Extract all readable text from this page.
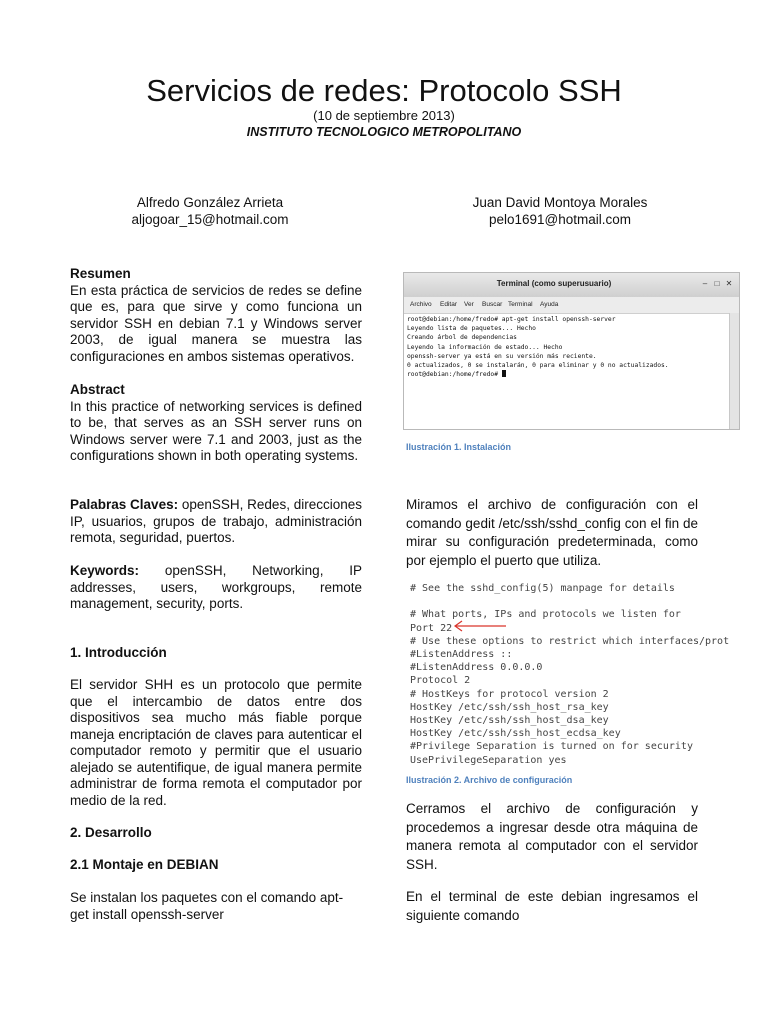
Servicios de redes: Protocolo SSH
(10 de septiembre 2013)
INSTITUTO TECNOLOGICO METROPOLITANO
Alfredo González Arrieta
aljogoar_15@hotmail.com
Juan David Montoya Morales
pelo1691@hotmail.com

Resumen

En esta práctica de servicios de redes se define que es, para que sirve y como funciona un servidor SSH en debian 7.1 y Windows server 2003, de igual manera se muestra las configuraciones en ambos sistemas operativos.

Abstract

In this practice of networking services is defined to be, that serves as an SSH server runs on Windows server were 7.1 and 2003, just as the configurations shown in both operating systems.

Palabras Claves: openSSH, Redes, direcciones IP, usuarios, grupos de trabajo, administración remota, seguridad, puertos.
Keywords: openSSH, Networking, IP addresses, users, workgroups, remote management, security, ports.
1. Introducción
El servidor SHH es un protocolo que permite que el intercambio de datos entre dos dispositivos sea mucho más fiable porque maneja encriptación de claves para autenticar el computador remoto y permitir que el usuario alejado se autentifique, de igual manera permite administrar de forma remota el computador por medio de la red.
2. Desarrollo
2.1 Montaje en DEBIAN
Se instalan los paquetes con el comando apt-get install openssh-server
Terminal (como superusuario)	– □ ✕
Archivo Editar Ver Buscar Terminal Ayuda
root@debian:/home/fredo# apt-get install openssh-server
Leyendo lista de paquetes... Hecho
Creando árbol de dependencias
Leyendo la información de estado... Hecho
openssh-server ya está en su versión más reciente.
0 actualizados, 0 se instalarán, 0 para eliminar y 0 no actualizados.
root@debian:/home/fredo#
Ilustración 1. Instalación
Miramos el archivo de configuración con el comando gedit /etc/ssh/sshd_config con el fin de mirar su configuración predeterminada, como por ejemplo el puerto que utiliza.
# See the sshd_config(5) manpage for details

# What ports, IPs and protocols we listen for
Port 22
# Use these options to restrict which interfaces/prot
#ListenAddress ::
#ListenAddress 0.0.0.0
Protocol 2
# HostKeys for protocol version 2
HostKey /etc/ssh/ssh_host_rsa_key
HostKey /etc/ssh/ssh_host_dsa_key
HostKey /etc/ssh/ssh_host_ecdsa_key
#Privilege Separation is turned on for security
UsePrivilegeSeparation yes
Ilustración 2. Archivo de configuración
Cerramos el archivo de configuración y procedemos a ingresar desde otra máquina de manera remota al computador con el servidor SSH.
En el terminal de este debian ingresamos el siguiente comando
